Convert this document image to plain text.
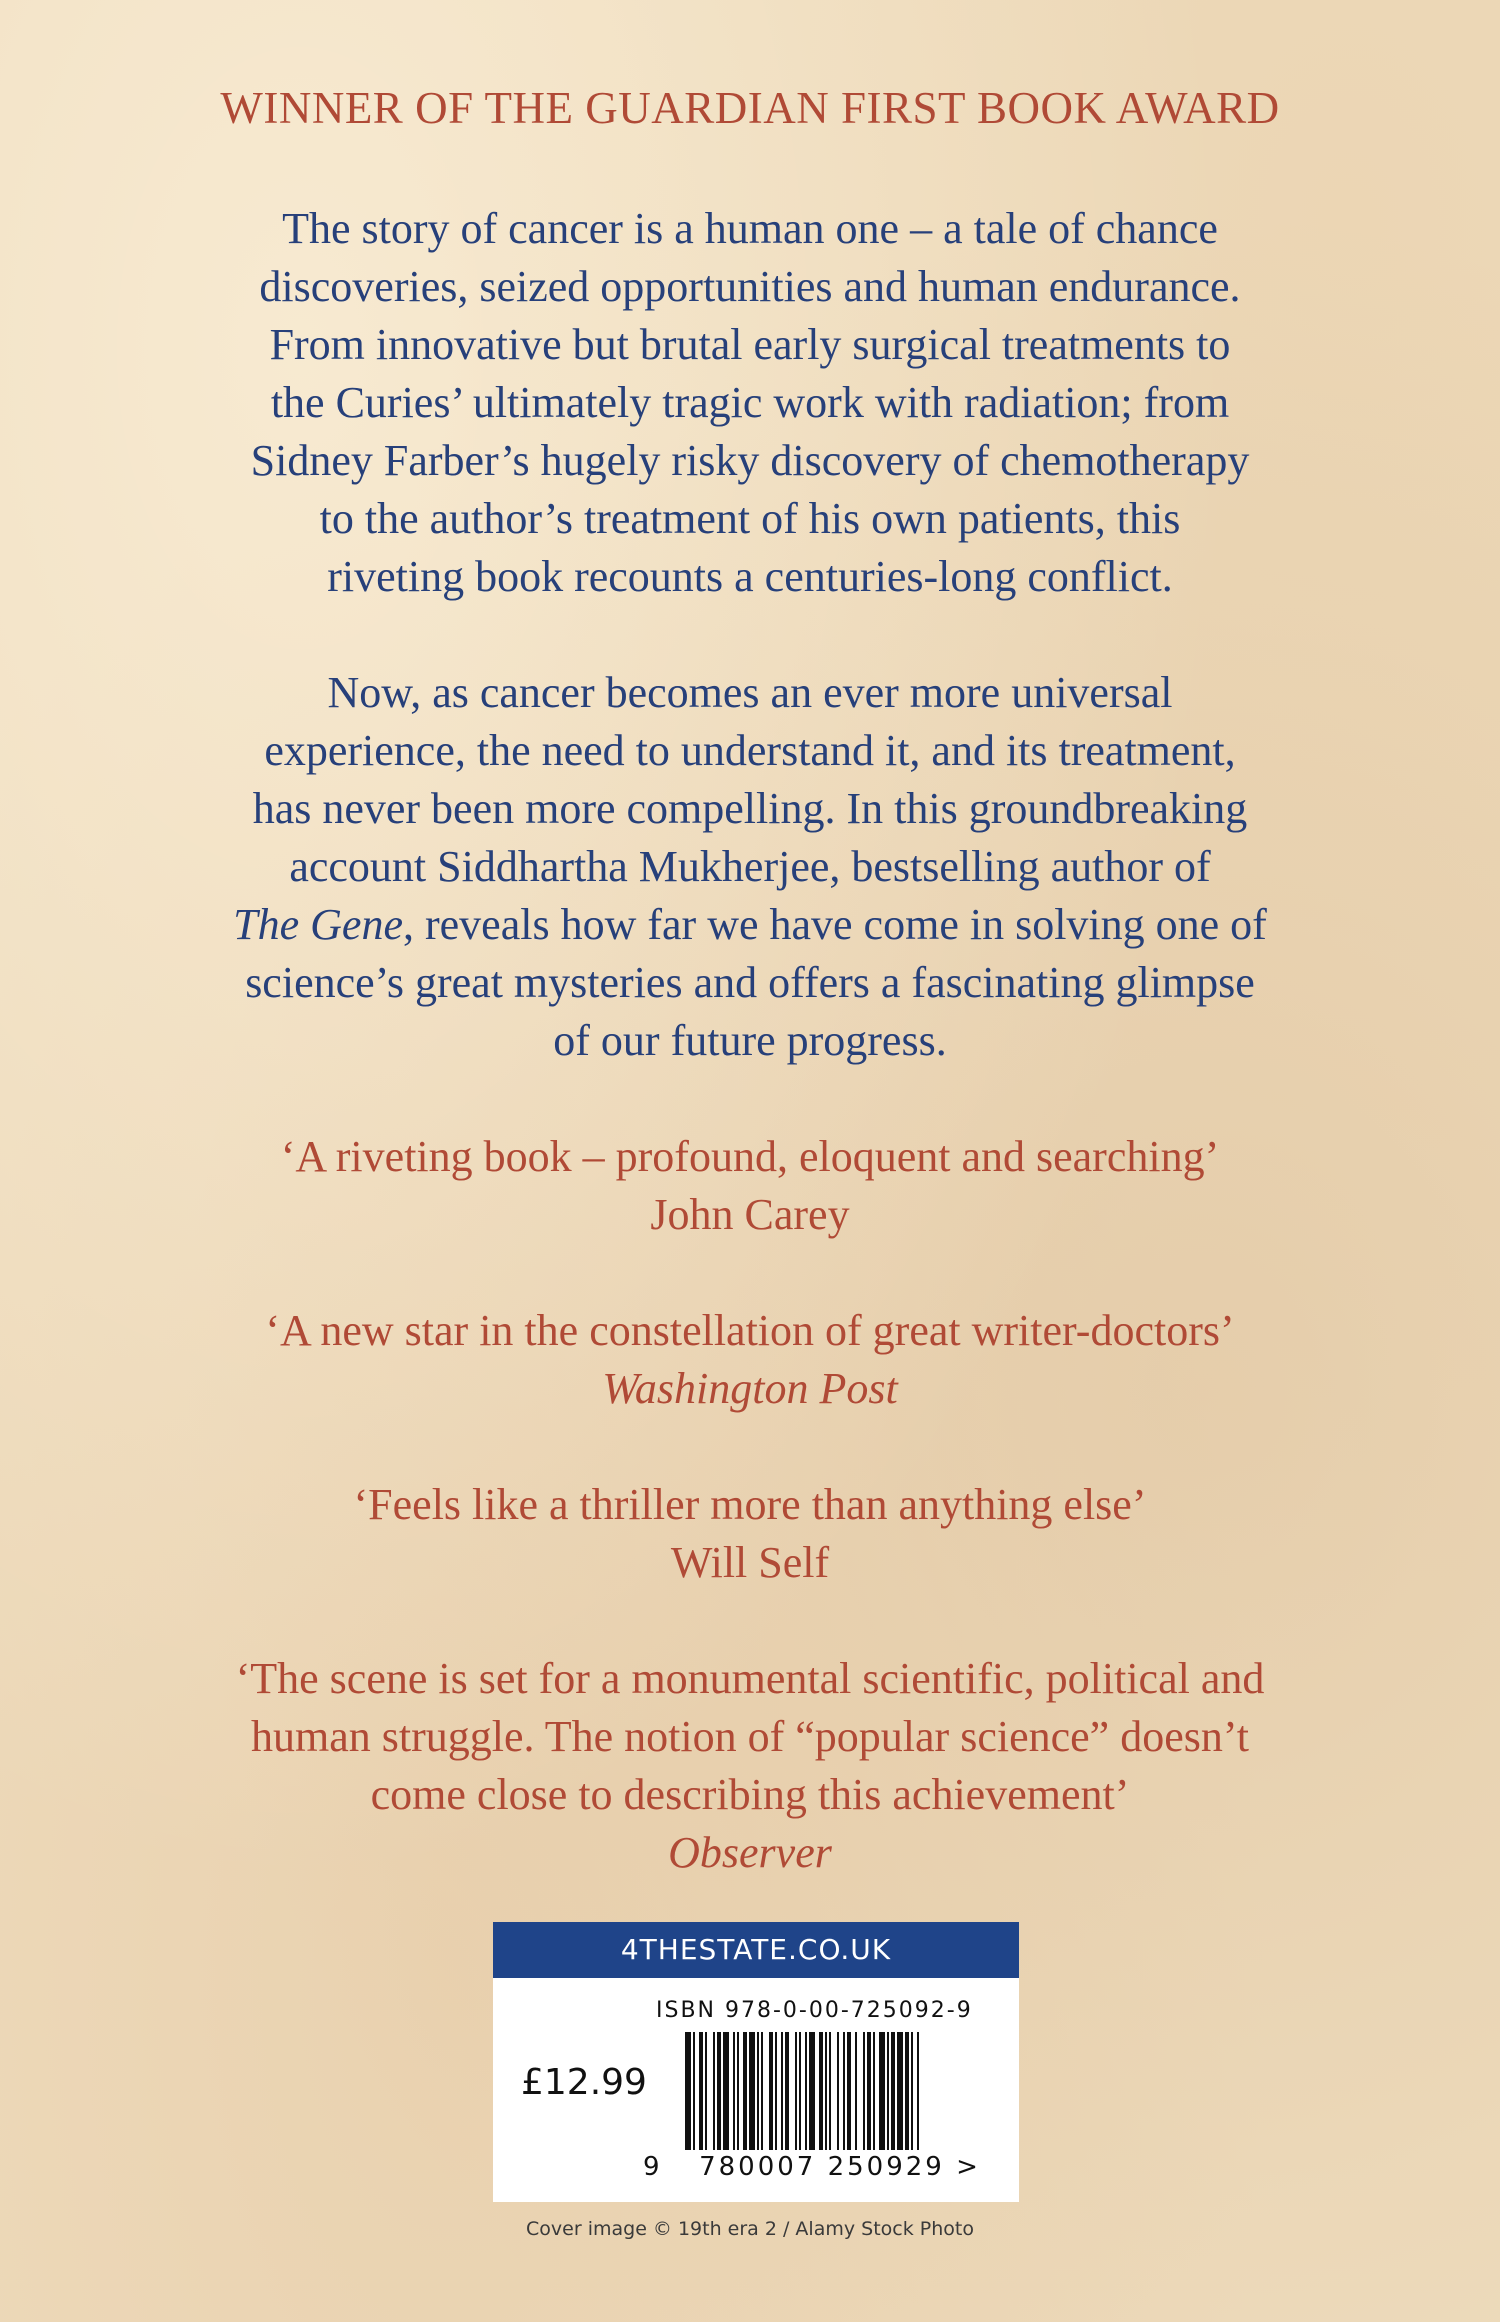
WINNER OF THE GUARDIAN FIRST BOOK AWARD
The story of cancer is a human one – a tale of chance
discoveries, seized opportunities and human endurance.
From innovative but brutal early surgical treatments to
the Curies’ ultimately tragic work with radiation; from
Sidney Farber’s hugely risky discovery of chemotherapy
to the author’s treatment of his own patients, this
riveting book recounts a centuries-long conflict.
Now, as cancer becomes an ever more universal
experience, the need to understand it, and its treatment,
has never been more compelling. In this groundbreaking
account Siddhartha Mukherjee, bestselling author of
The Gene, reveals how far we have come in solving one of
science’s great mysteries and offers a fascinating glimpse
of our future progress.
‘A riveting book – profound, eloquent and searching’
John Carey
‘A new star in the constellation of great writer-doctors’
Washington Post
‘Feels like a thriller more than anything else’
Will Self
‘The scene is set for a monumental scientific, political and
human struggle. The notion of “popular science” doesn’t
come close to describing this achievement’
Observer
4THESTATE.CO.UK
ISBN 978-0-00-725092-9
£12.99
9 780007 250929 >
Cover image © 19th era 2 / Alamy Stock Photo
